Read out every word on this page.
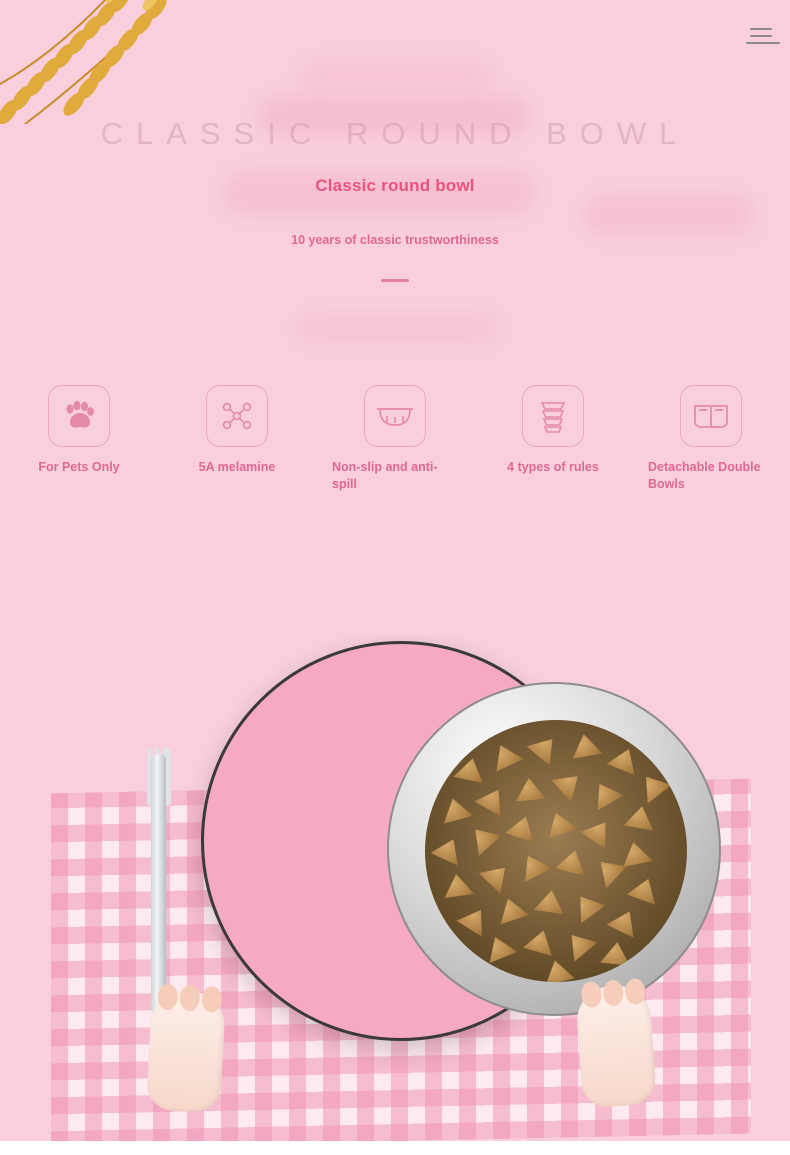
CLASSIC ROUND BOWL
Classic round bowl
10 years of classic trustworthiness
For Pets Only	5A melamine	Non-slip and anti-spill
4 types of rules	Detachable Double Bowls
